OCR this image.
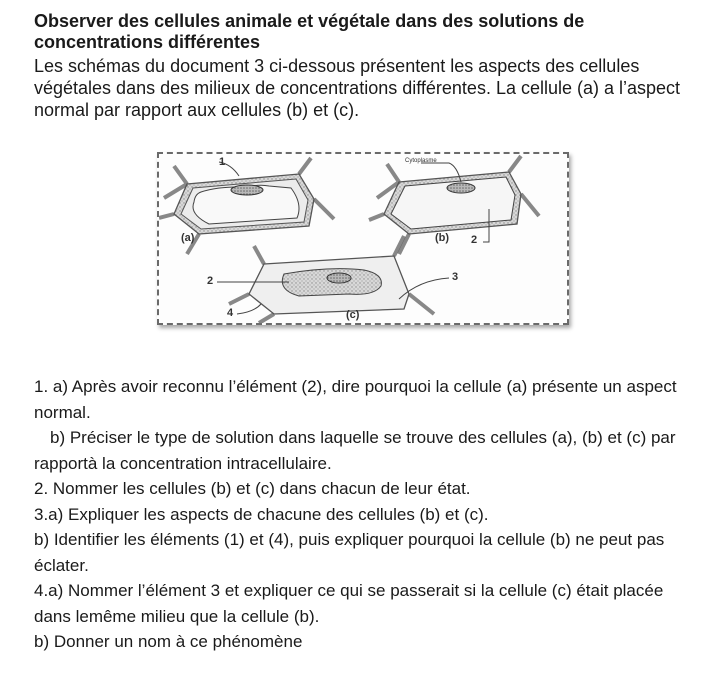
Observer des cellules animale et végétale dans des solutions de concentrations différentes
Les schémas du document 3 ci-dessous présentent les aspects des cellules végétales dans des milieux de concentrations différentes. La cellule (a) a l’aspect normal par rapport aux cellules (b) et (c).
1	Cytoplasme
(a)	(b) 2
2	3
4	(c)

1. a) Après avoir reconnu l’élément (2), dire pourquoi la cellule (a) présente un aspect normal.

b) Préciser le type de solution dans laquelle se trouve des cellules (a), (b) et (c) par rapportà la concentration intracellulaire.

2. Nommer les cellules (b) et (c) dans chacun de leur état.

3.a) Expliquer les aspects de chacune des cellules (b) et (c).

b) Identifier les éléments (1) et (4), puis expliquer pourquoi la cellule (b) ne peut pas éclater.

4.a) Nommer l’élément 3 et expliquer ce qui se passerait si la cellule (c) était placée dans lemême milieu que la cellule (b).

b) Donner un nom à ce phénomène
